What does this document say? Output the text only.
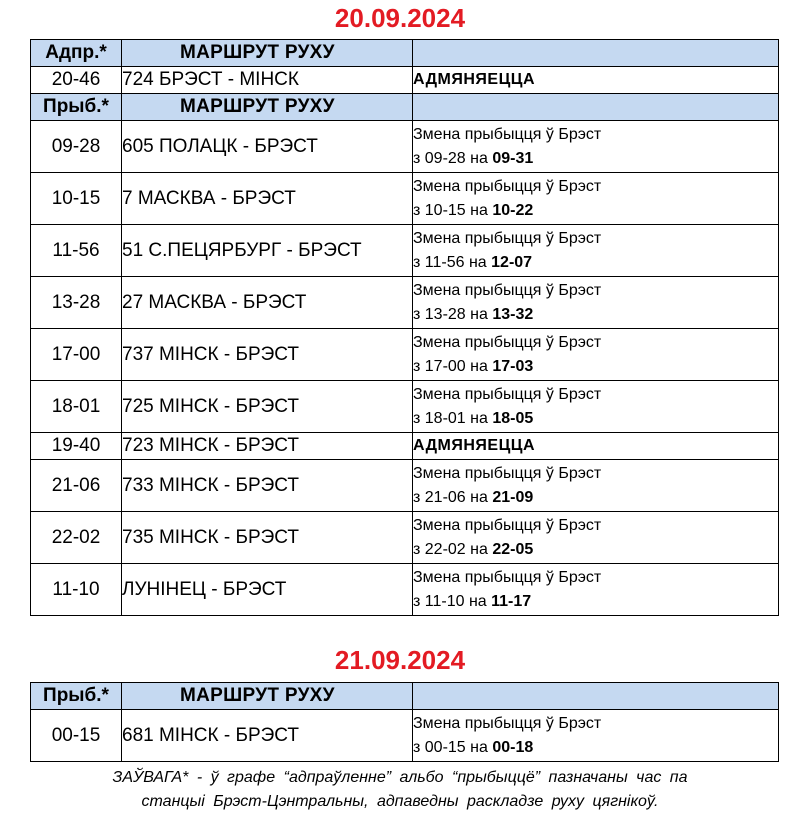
20.09.2024
Адпр.*	МАРШРУТ РУХУ	
20-46	724 БРЭСТ - МІНСК	АДМЯНЯЕЦЦА
Прыб.*	МАРШРУТ РУХУ	
09-28	605 ПОЛАЦК - БРЭСТ	Змена прыбыцця ў Брэст
з 09-28 на 09-31

10-15	7 МАСКВА - БРЭСТ	Змена прыбыцця ў Брэст
з 10-15 на 10-22

11-56	51 С.ПЕЦЯРБУРГ - БРЭСТ	Змена прыбыцця ў Брэст
з 11-56 на 12-07

13-28	27 МАСКВА - БРЭСТ	Змена прыбыцця ў Брэст
з 13-28 на 13-32

17-00	737 МІНСК - БРЭСТ	Змена прыбыцця ў Брэст
з 17-00 на 17-03

18-01	725 МІНСК - БРЭСТ	Змена прыбыцця ў Брэст
з 18-01 на 18-05

19-40	723 МІНСК - БРЭСТ	АДМЯНЯЕЦЦА
21-06	733 МІНСК - БРЭСТ	Змена прыбыцця ў Брэст
з 21-06 на 21-09

22-02	735 МІНСК - БРЭСТ	Змена прыбыцця ў Брэст
з 22-02 на 22-05

11-10	ЛУНІНЕЦ - БРЭСТ	Змена прыбыцця ў Брэст
з 11-10 на 11-17
21.09.2024
Прыб.*	МАРШРУТ РУХУ	
00-15	681 МІНСК - БРЭСТ	Змена прыбыцця ў Брэст
з 00-15 на 00-18
ЗАЎВАГА* - ў графе “адпраўленне” альбо “прыбыццё” пазначаны час па
станцыі Брэст-Цэнтральны, адпаведны раскладзе руху цягнікоў.
